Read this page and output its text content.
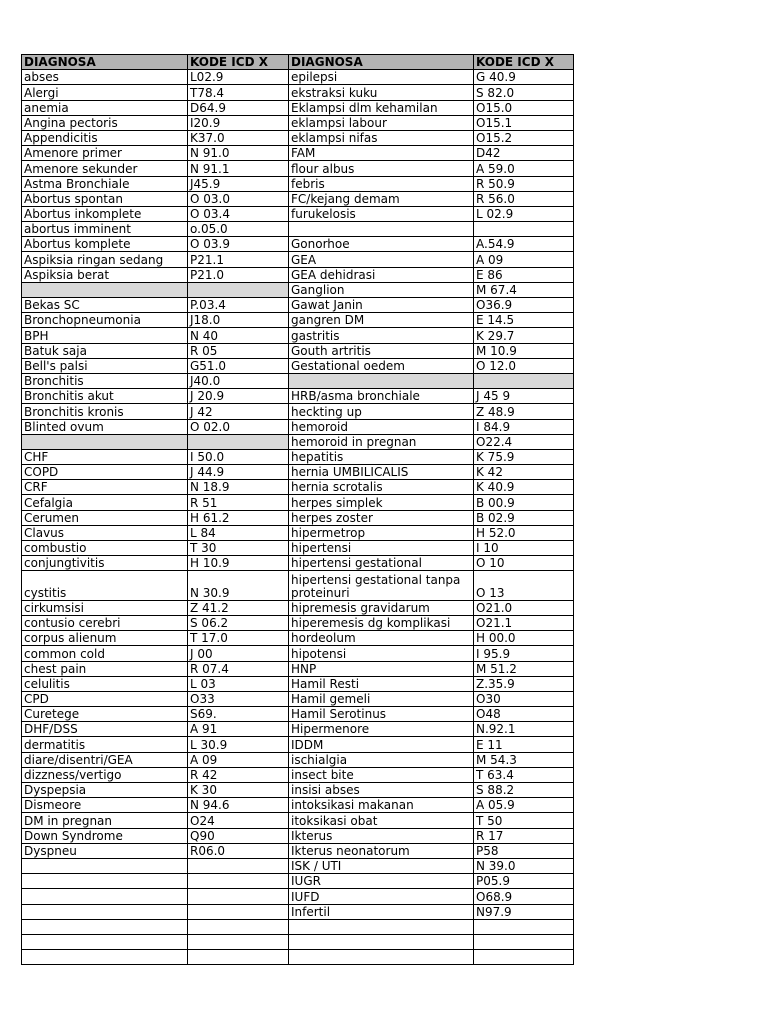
DIAGNOSA	KODE ICD X	DIAGNOSA	KODE ICD X
abses	L02.9	epilepsi	G 40.9
Alergi	T78.4	ekstraksi kuku	S 82.0
anemia	D64.9	Eklampsi dlm kehamilan	O15.0
Angina pectoris	I20.9	eklampsi labour	O15.1
Appendicitis	K37.0	eklampsi nifas	O15.2
Amenore primer	N 91.0	FAM	D42
Amenore sekunder	N 91.1	flour albus	A 59.0
Astma Bronchiale	J45.9	febris	R 50.9
Abortus spontan	O 03.0	FC/kejang demam	R 56.0
Abortus inkomplete	O 03.4	furukelosis	L 02.9
abortus imminent	o.05.0		
Abortus komplete	O 03.9	Gonorhoe	A.54.9
Aspiksia ringan sedang	P21.1	GEA	A 09
Aspiksia berat	P21.0	GEA dehidrasi	E 86
		Ganglion	M 67.4
Bekas SC	P.03.4	Gawat Janin	O36.9
Bronchopneumonia	J18.0	gangren DM	E 14.5
BPH	N 40	gastritis	K 29.7
Batuk saja	R 05	Gouth artritis	M 10.9
Bell's palsi	G51.0	Gestational oedem	O 12.0
Bronchitis	J40.0		
Bronchitis akut	J 20.9	HRB/asma bronchiale	J 45 9
Bronchitis kronis	J 42	heckting up	Z 48.9
Blinted ovum	O 02.0	hemoroid	I 84.9
		hemoroid in pregnan	O22.4
CHF	I 50.0	hepatitis	K 75.9
COPD	J 44.9	hernia UMBILICALIS	K 42
CRF	N 18.9	hernia scrotalis	K 40.9
Cefalgia	R 51	herpes simplek	B 00.9
Cerumen	H 61.2	herpes zoster	B 02.9
Clavus	L 84	hipermetrop	H 52.0
combustio	T 30	hipertensi	I 10
conjungtivitis	H 10.9	hipertensi gestational	O 10
cystitis	N 30.9	hipertensi gestational tanpa proteinuri	O 13
cirkumsisi	Z 41.2	hipremesis gravidarum	O21.0
contusio cerebri	S 06.2	hiperemesis dg komplikasi	O21.1
corpus alienum	T 17.0	hordeolum	H 00.0
common cold	J 00	hipotensi	I 95.9
chest pain	R 07.4	HNP	M 51.2
celulitis	L 03	Hamil Resti	Z.35.9
CPD	O33	Hamil gemeli	O30
Curetege	S69.	Hamil Serotinus	O48
DHF/DSS	A 91	Hipermenore	N.92.1
dermatitis	L 30.9	IDDM	E 11
diare/disentri/GEA	A 09	ischialgia	M 54.3
dizzness/vertigo	R 42	insect bite	T 63.4
Dyspepsia	K 30	insisi abses	S 88.2
Dismeore	N 94.6	intoksikasi makanan	A 05.9
DM in pregnan	O24	itoksikasi obat	T 50
Down Syndrome	Q90	Ikterus	R 17
Dyspneu	R06.0	Ikterus neonatorum	P58
		ISK / UTI	N 39.0
		IUGR	P05.9
		IUFD	O68.9
		Infertil	N97.9
